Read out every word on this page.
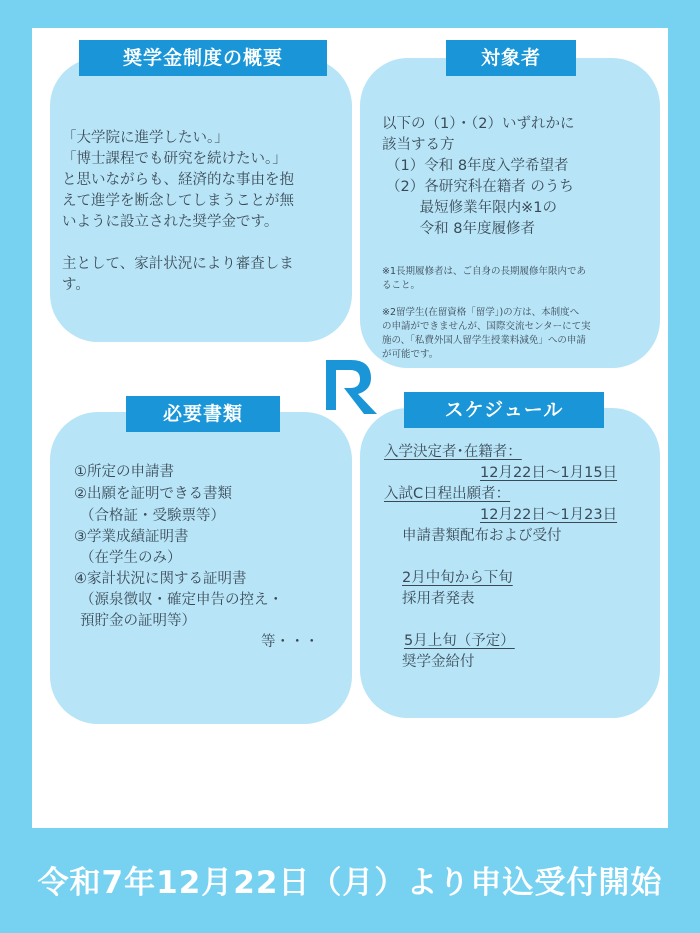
奨学金制度の概要
「大学院に進学したい。」
「博士課程でも研究を続けたい。」
と思いながらも、経済的な事由を抱
えて進学を断念してしまうことが無
いように設立された奨学金です。
主として、家計状況により審査しま
す。
対象者
以下の（1）・（2）いずれかに
該当する方
（1）令和 8年度入学希望者
（2）各研究科在籍者 のうち
　　 最短修業年限内※1の
　　 令和 8年度履修者
※1長期履修者は、ご自身の長期履修年限内であ
ること。
※2留学生(在留資格「留学」)の方は、本制度へ
の申請ができませんが、国際交流センターにて実
施の、「私費外国人留学生授業料減免」への申請
が可能です。
必要書類
①所定の申請書
②出願を証明できる書類
（合格証・受験票等）
③学業成績証明書
（在学生のみ）
④家計状況に関する証明書
（源泉徴収・確定申告の控え・
預貯金の証明等）
等・・・
スケジュール
入学決定者･在籍者：
12月22日～1月15日
入試C日程出願者：
12月22日～1月23日
申請書類配布および受付
2月中旬から下旬
採用者発表
5月上旬（予定）
奨学金給付
令和7年12月22日（月）より申込受付開始
